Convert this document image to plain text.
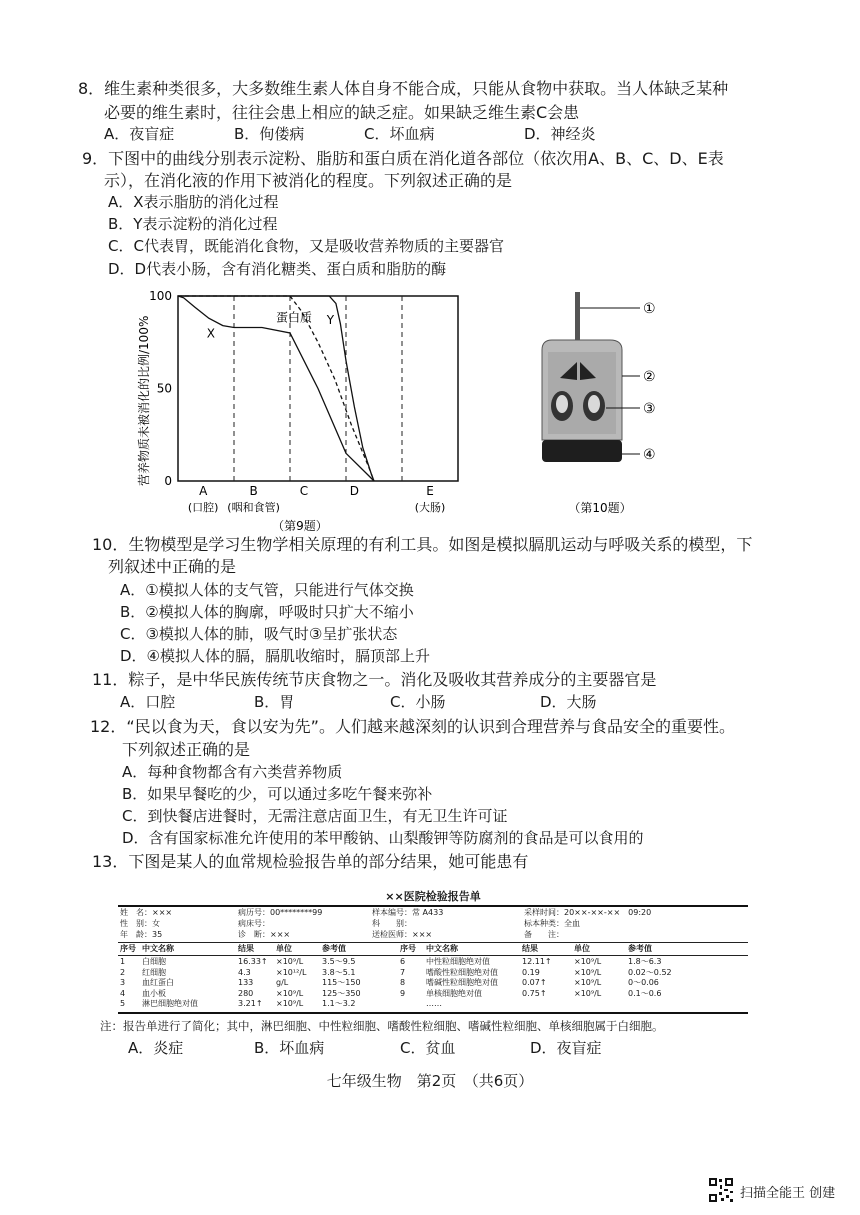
8．维生素种类很多，大多数维生素人体自身不能合成，只能从食物中获取。当人体缺乏某种
必要的维生素时，往往会患上相应的缺乏症。如果缺乏维生素C会患
A．夜盲症	B．佝偻病	C．坏血病	D．神经炎
9．下图中的曲线分别表示淀粉、脂肪和蛋白质在消化道各部位（依次用A、B、C、D、E表
示），在消化液的作用下被消化的程度。下列叙述正确的是
A．X表示脂肪的消化过程
B．Y表示淀粉的消化过程
C．C代表胃，既能消化食物，又是吸收营养物质的主要器官
D．D代表小肠，含有消化糖类、蛋白质和脂肪的酶
X
蛋白质 Y
0
50
100
A
(口腔)
B
(咽和食管)
C	D	E
(大肠)
营养物质未被消化的比例/100%
（第9题）
①
②
③
④
（第10题）
10．生物模型是学习生物学相关原理的有利工具。如图是模拟膈肌运动与呼吸关系的模型，下
列叙述中正确的是
A．①模拟人体的支气管，只能进行气体交换
B．②模拟人体的胸廓，呼吸时只扩大不缩小
C．③模拟人体的肺，吸气时③呈扩张状态
D．④模拟人体的膈，膈肌收缩时，膈顶部上升
11．粽子，是中华民族传统节庆食物之一。消化及吸收其营养成分的主要器官是
A．口腔	B．胃	C．小肠	D．大肠
12．“民以食为天，食以安为先”。人们越来越深刻的认识到合理营养与食品安全的重要性。
下列叙述正确的是
A．每种食物都含有六类营养物质
B．如果早餐吃的少，可以通过多吃午餐来弥补
C．到快餐店进餐时，无需注意店面卫生，有无卫生许可证
D．含有国家标准允许使用的苯甲酸钠、山梨酸钾等防腐剂的食品是可以食用的
13．下图是某人的血常规检验报告单的部分结果，她可能患有
××医院检验报告单
姓　名：×××	病历号：00********99	样本编号：常 A433	采样时间：20××-××-××　09:20
性　别：女	病床号：	科　　别：	标本种类：全血
年　龄：35	诊　断：×××	送检医师：×××	备　　注：
序号 中文名称	结果	单位	参考值	序号 中文名称	结果	单位	参考值
1 白细胞	16.33↑ ×10⁹/L 3.5～9.5
2 红细胞	4.3	×10¹²/L 3.8～5.1
3 血红蛋白	133	g/L	115～150
4 血小板	280	×10⁹/L 125～350
5 淋巴细胞绝对值	3.21↑ ×10⁹/L 1.1～3.2
6	中性粒细胞绝对值	12.11↑	×10⁹/L	1.8～6.3
7	嗜酸性粒细胞绝对值	0.19	×10⁹/L	0.02～0.52
8	嗜碱性粒细胞绝对值	0.07↑	×10⁹/L	0～0.06
9	单核细胞绝对值	0.75↑	×10⁹/L	0.1～0.6
……
注：报告单进行了简化；其中，淋巴细胞、中性粒细胞、嗜酸性粒细胞、嗜碱性粒细胞、单核细胞属于白细胞。
A．炎症	B．坏血病	C．贫血	D．夜盲症
七年级生物　第2页　（共6页）
扫描全能王 创建
